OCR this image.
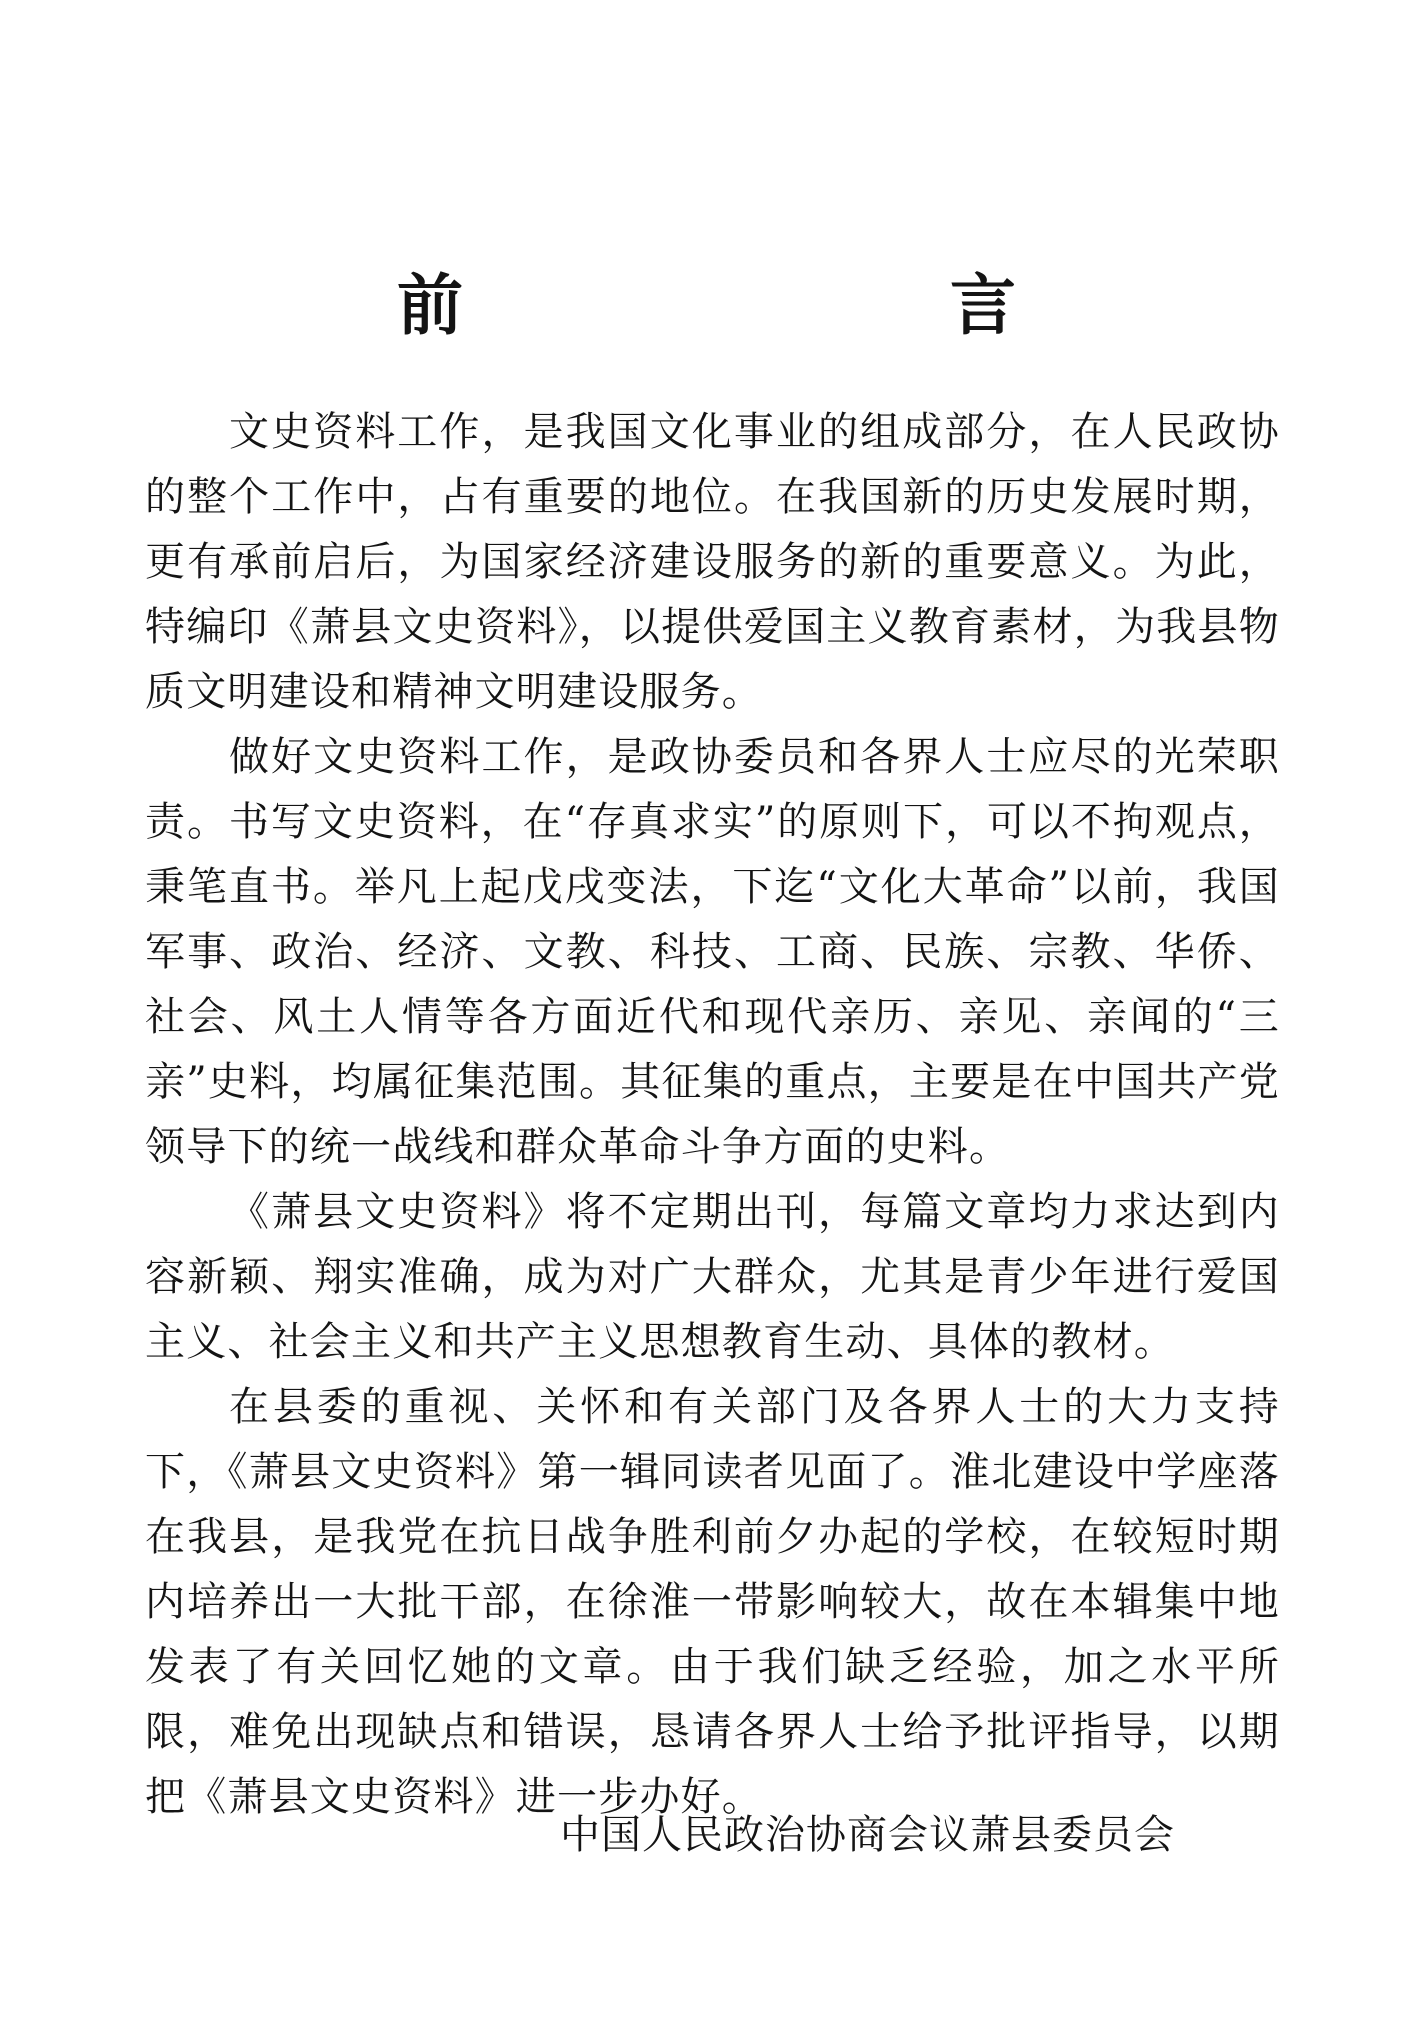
前 言

文史资料工作，是我国文化事业的组成部分，在人民政协的整个工作中，占有重要的地位。在我国新的历史发展时期，更有承前启后，为国家经济建设服务的新的重要意义。为此，特编印《萧县文史资料》，以提供爱国主义教育素材，为我县物质文明建设和精神文明建设服务。

做好文史资料工作，是政协委员和各界人士应尽的光荣职责。书写文史资料，在“存真求实”的原则下，可以不拘观点，秉笔直书。举凡上起戊戌变法，下迄“文化大革命”以前，我国军事、政治、经济、文教、科技、工商、民族、宗教、华侨、社会、风土人情等各方面近代和现代亲历、亲见、亲闻的“三亲”史料，均属征集范围。其征集的重点，主要是在中国共产党领导下的统一战线和群众革命斗争方面的史料。

《萧县文史资料》将不定期出刊，每篇文章均力求达到内容新颖、翔实准确，成为对广大群众，尤其是青少年进行爱国主义、社会主义和共产主义思想教育生动、具体的教材。

在县委的重视、关怀和有关部门及各界人士的大力支持下，《萧县文史资料》第一辑同读者见面了。淮北建设中学座落在我县，是我党在抗日战争胜利前夕办起的学校，在较短时期内培养出一大批干部，在徐淮一带影响较大，故在本辑集中地发表了有关回忆她的文章。由于我们缺乏经验，加之水平所限，难免出现缺点和错误，恳请各界人士给予批评指导，以期把《萧县文史资料》进一步办好。

中国人民政治协商会议萧县委员会
